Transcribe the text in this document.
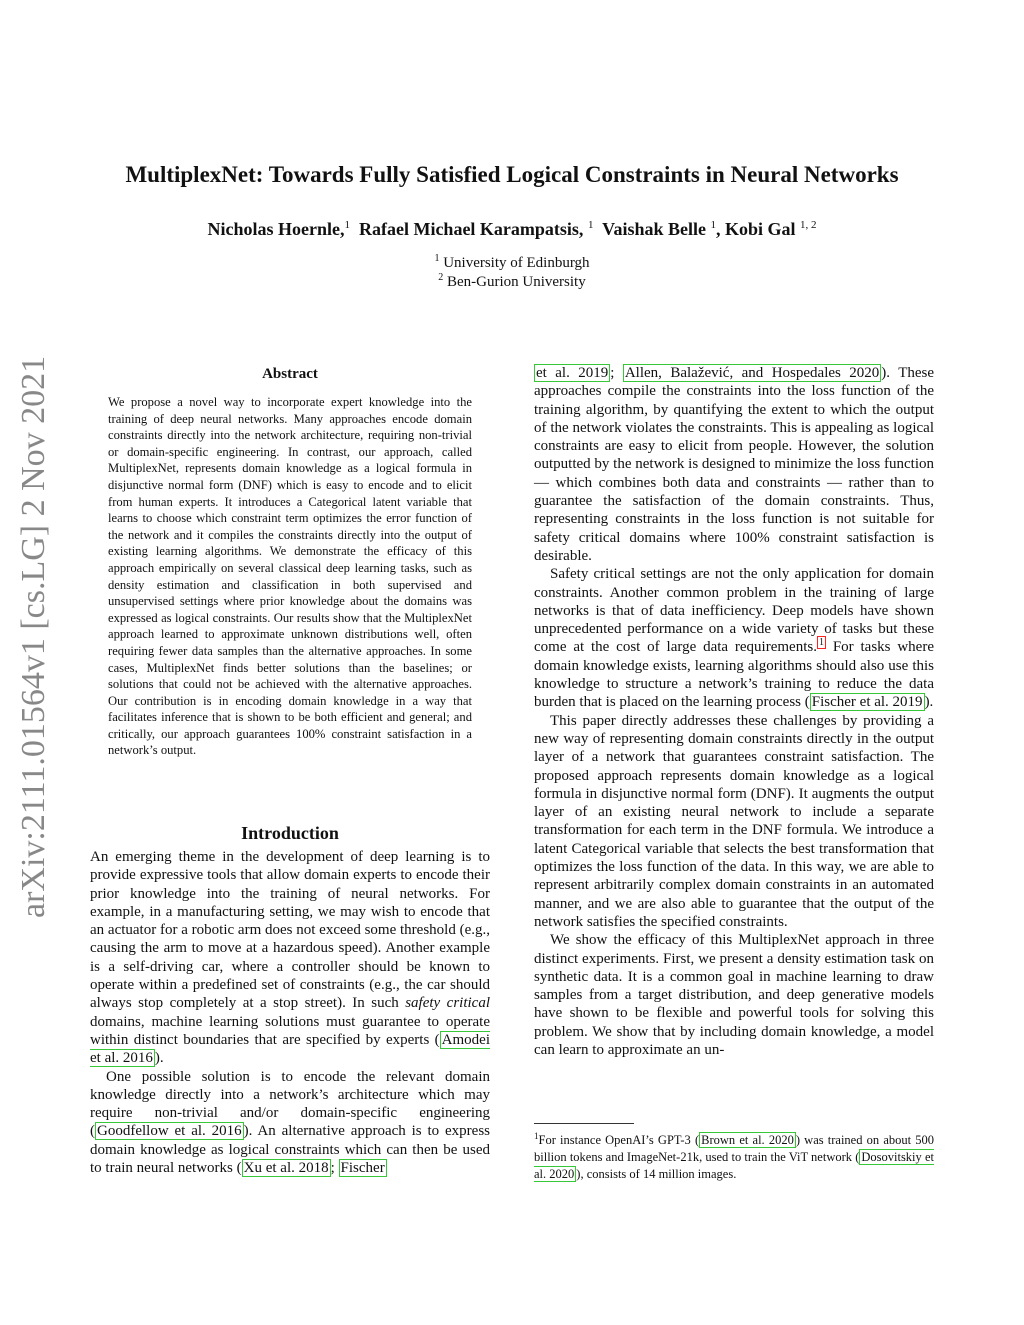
MultiplexNet: Towards Fully Satisfied Logical Constraints in Neural Networks
Nicholas Hoernle,$^1$ Rafael Michael Karampatsis, $^1$ Vaishak Belle $^1$, Kobi Gal $^{1, 2}$
$^1$ University of Edinburgh
$^2$ Ben-Gurion University
arXiv:2111.01564v1 [cs.LG] 2 Nov 2021	Abstract
We propose a novel way to incorporate expert knowledge into the training of deep neural networks. Many approaches encode domain constraints directly into the network architecture, requiring non-trivial or domain-specific engineering. In contrast, our approach, called MultiplexNet, represents domain knowledge as a logical formula in disjunctive normal form (DNF) which is easy to encode and to elicit from human experts. It introduces a Categorical latent variable that learns to choose which constraint term optimizes the error function of the network and it compiles the constraints directly into the output of existing learning algorithms. We demonstrate the efficacy of this approach empirically on several classical deep learning tasks, such as density estimation and classification in both supervised and unsupervised settings where prior knowledge about the domains was expressed as logical constraints. Our results show that the MultiplexNet approach learned to approximate unknown distributions well, often requiring fewer data samples than the alternative approaches. In some cases, MultiplexNet finds better solutions than the baselines; or solutions that could not be achieved with the alternative approaches. Our contribution is in encoding domain knowledge in a way that facilitates inference that is shown to be both efficient and general; and critically, our approach guarantees 100% constraint satisfaction in a network’s output.
Introduction

An emerging theme in the development of deep learning is to provide expressive tools that allow domain experts to encode their prior knowledge into the training of neural networks. For example, in a manufacturing setting, we may wish to encode that an actuator for a robotic arm does not exceed some threshold (e.g., causing the arm to move at a hazardous speed). Another example is a self-driving car, where a controller should be known to operate within a predefined set of constraints (e.g., the car should always stop completely at a stop street). In such safety critical domains, machine learning solutions must guarantee to operate within distinct boundaries that are specified by experts ( Amodei et al. 2016 ).

One possible solution is to encode the relevant domain knowledge directly into a network’s architecture which may require non-trivial and/or domain-specific engineering ( Goodfellow et al. 2016 ). An alternative approach is to express domain knowledge as logical constraints which can then be used to train neural networks ( Xu et al. 2018 ; Fischer

et al. 2019 ; Allen, Balažević, and Hospedales 2020 ). These approaches compile the constraints into the loss function of the training algorithm, by quantifying the extent to which the output of the network violates the constraints. This is appealing as logical constraints are easy to elicit from people. However, the solution outputted by the network is designed to minimize the loss function — which combines both data and constraints — rather than to guarantee the satisfaction of the domain constraints. Thus, representing constraints in the loss function is not suitable for safety critical domains where 100% constraint satisfaction is desirable.

Safety critical settings are not the only application for domain constraints. Another common problem in the training of large networks is that of data inefficiency. Deep models have shown unprecedented performance on a wide variety of tasks but these come at the cost of large data requirements. $^1$ For tasks where domain knowledge exists, learning algorithms should also use this knowledge to structure a network’s training to reduce the data burden that is placed on the learning process ( Fischer et al. 2019 ).

This paper directly addresses these challenges by providing a new way of representing domain constraints directly in the output layer of a network that guarantees constraint satisfaction. The proposed approach represents domain knowledge as a logical formula in disjunctive normal form (DNF). It augments the output layer of an existing neural network to include a separate transformation for each term in the DNF formula. We introduce a latent Categorical variable that selects the best transformation that optimizes the loss function of the data. In this way, we are able to represent arbitrarily complex domain constraints in an automated manner, and we are also able to guarantee that the output of the network satisfies the specified constraints.

We show the efficacy of this MultiplexNet approach in three distinct experiments. First, we present a density estimation task on synthetic data. It is a common goal in machine learning to draw samples from a target distribution, and deep generative models have shown to be flexible and powerful tools for solving this problem. We show that by including domain knowledge, a model can learn to approximate an un-

$^1$For instance OpenAI’s GPT-3 ( Brown et al. 2020 ) was trained on about 500 billion tokens and ImageNet-21k, used to train the ViT network ( Dosovitskiy et al. 2020 ), consists of 14 million images.
